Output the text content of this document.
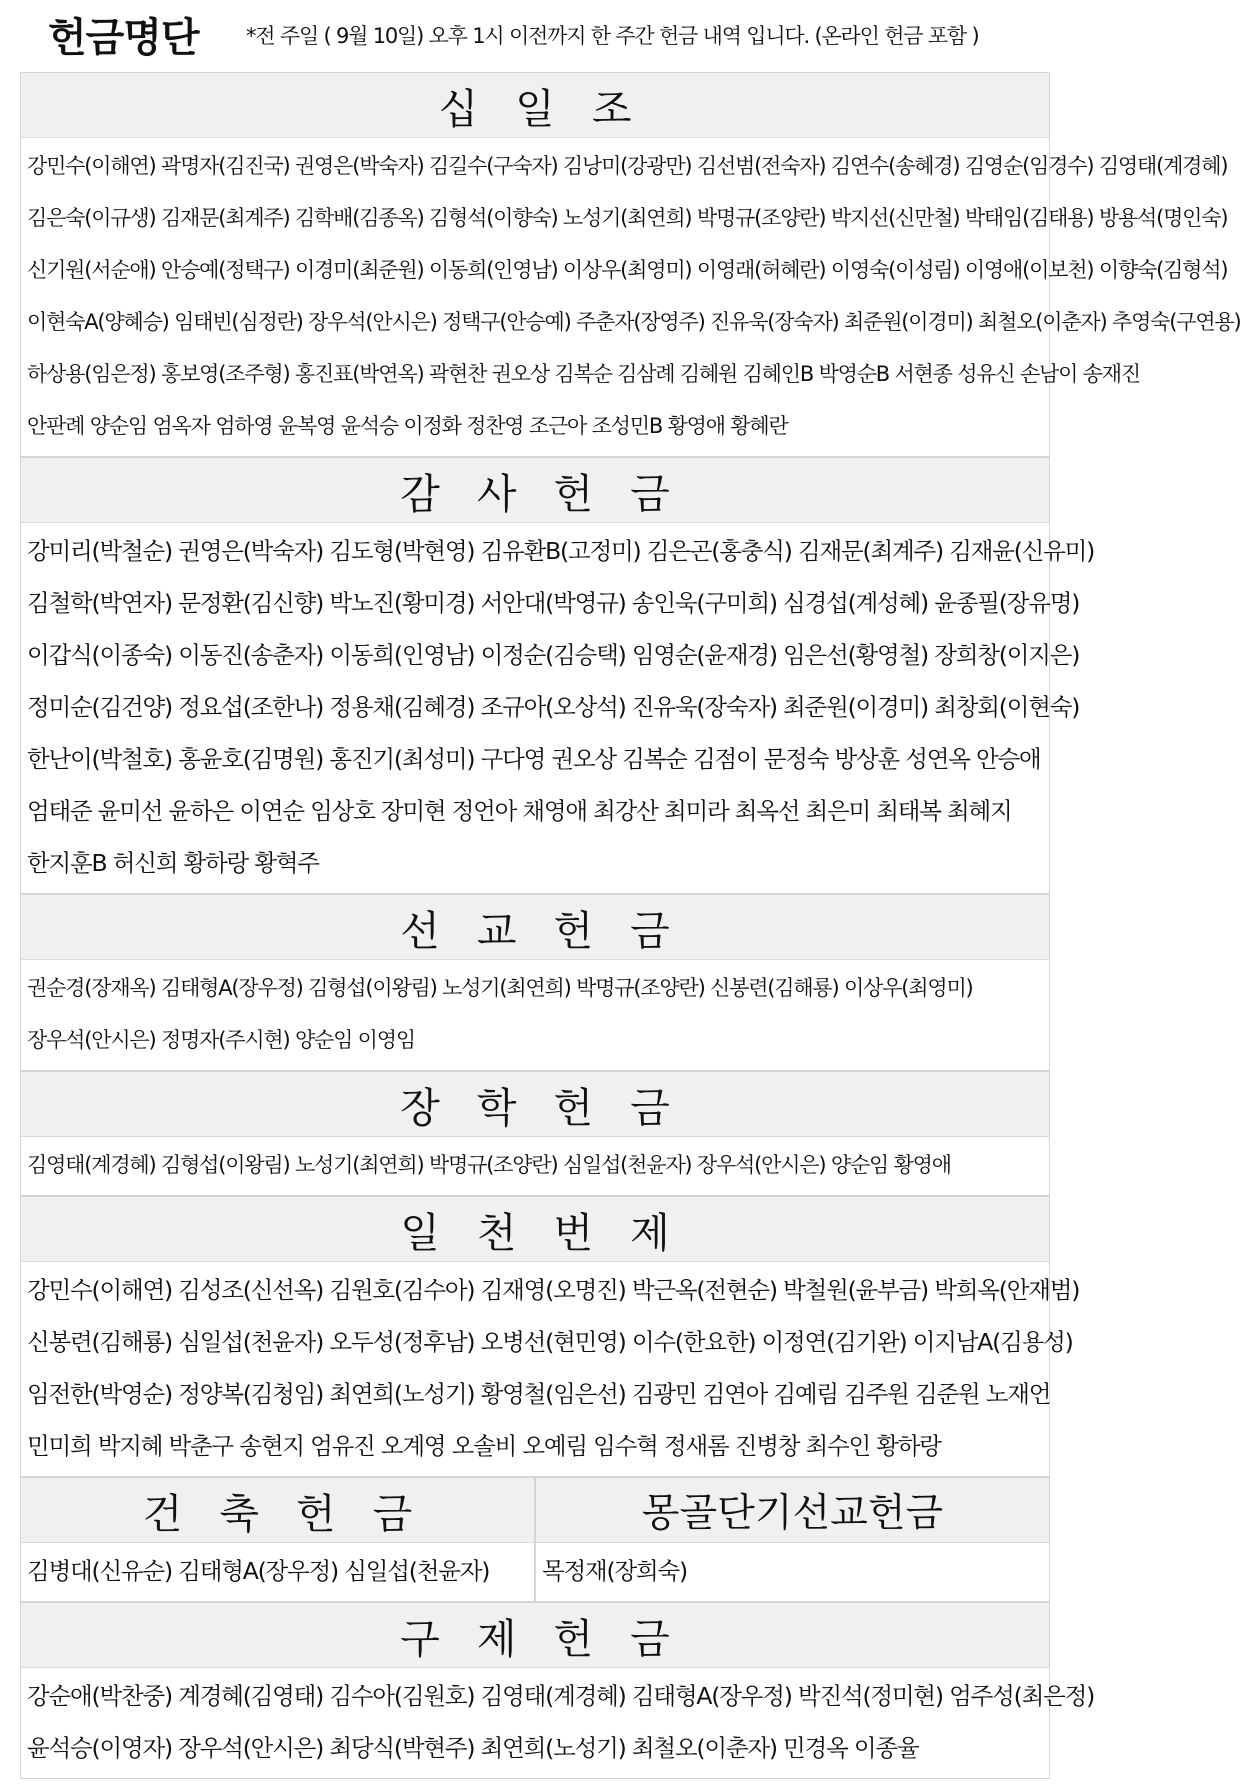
헌금명단 *전 주일 ( 9월 10일) 오후 1시 이전까지 한 주간 헌금 내역 입니다. (온라인 헌금 포함 )
십 일 조
강민수(이해연) 곽명자(김진국) 권영은(박숙자) 김길수(구숙자) 김낭미(강광만) 김선범(전숙자) 김연수(송혜경) 김영순(임경수) 김영태(계경혜)
김은숙(이규생) 김재문(최계주) 김학배(김종옥) 김형석(이향숙) 노성기(최연희) 박명규(조양란) 박지선(신만철) 박태임(김태용) 방용석(명인숙)
신기원(서순애) 안승예(정택구) 이경미(최준원) 이동희(인영남) 이상우(최영미) 이영래(허혜란) 이영숙(이성림) 이영애(이보천) 이향숙(김형석)
이현숙A(양혜승) 임태빈(심정란) 장우석(안시은) 정택구(안승예) 주춘자(장영주) 진유욱(장숙자) 최준원(이경미) 최철오(이춘자) 추영숙(구연용)
하상용(임은정) 홍보영(조주형) 홍진표(박연옥) 곽현찬 권오상 김복순 김삼례 김혜원 김혜인B 박영순B 서현종 성유신 손남이 송재진
안판례 양순임 엄옥자 엄하영 윤복영 윤석승 이정화 정찬영 조근아 조성민B 황영애 황혜란
감 사 헌 금
강미리(박철순) 권영은(박숙자) 김도형(박현영) 김유환B(고정미) 김은곤(홍충식) 김재문(최계주) 김재윤(신유미)
김철학(박연자) 문정환(김신향) 박노진(황미경) 서안대(박영규) 송인욱(구미희) 심경섭(계성혜) 윤종필(장유명)
이갑식(이종숙) 이동진(송춘자) 이동희(인영남) 이정순(김승택) 임영순(윤재경) 임은선(황영철) 장희창(이지은)
정미순(김건양) 정요섭(조한나) 정용채(김혜경) 조규아(오상석) 진유욱(장숙자) 최준원(이경미) 최창회(이현숙)
한난이(박철호) 홍윤호(김명원) 홍진기(최성미) 구다영 권오상 김복순 김점이 문정숙 방상훈 성연옥 안승애
엄태준 윤미선 윤하은 이연순 임상호 장미현 정언아 채영애 최강산 최미라 최옥선 최은미 최태복 최혜지
한지훈B 허신희 황하랑 황혁주
선 교 헌 금
권순경(장재옥) 김태형A(장우정) 김형섭(이왕림) 노성기(최연희) 박명규(조양란) 신봉련(김해룡) 이상우(최영미)
장우석(안시은) 정명자(주시현) 양순임 이영임
장 학 헌 금
김영태(계경혜) 김형섭(이왕림) 노성기(최연희) 박명규(조양란) 심일섭(천윤자) 장우석(안시은) 양순임 황영애
일 천 번 제
강민수(이해연) 김성조(신선옥) 김원호(김수아) 김재영(오명진) 박근옥(전현순) 박철원(윤부금) 박희옥(안재범)
신봉련(김해룡) 심일섭(천윤자) 오두성(정후남) 오병선(현민영) 이수(한요한) 이정연(김기완) 이지남A(김용성)
임전한(박영순) 정양복(김청임) 최연희(노성기) 황영철(임은선) 김광민 김연아 김예림 김주원 김준원 노재언
민미희 박지혜 박춘구 송현지 엄유진 오계영 오솔비 오예림 임수혁 정새롬 진병창 최수인 황하랑
건 축 헌 금
김병대(신유순) 김태형A(장우정) 심일섭(천윤자)
몽골단기선교헌금
목정재(장희숙)
구 제 헌 금
강순애(박찬중) 계경혜(김영태) 김수아(김원호) 김영태(계경혜) 김태형A(장우정) 박진석(정미현) 엄주성(최은정)
윤석승(이영자) 장우석(안시은) 최당식(박현주) 최연희(노성기) 최철오(이춘자) 민경옥 이종율
